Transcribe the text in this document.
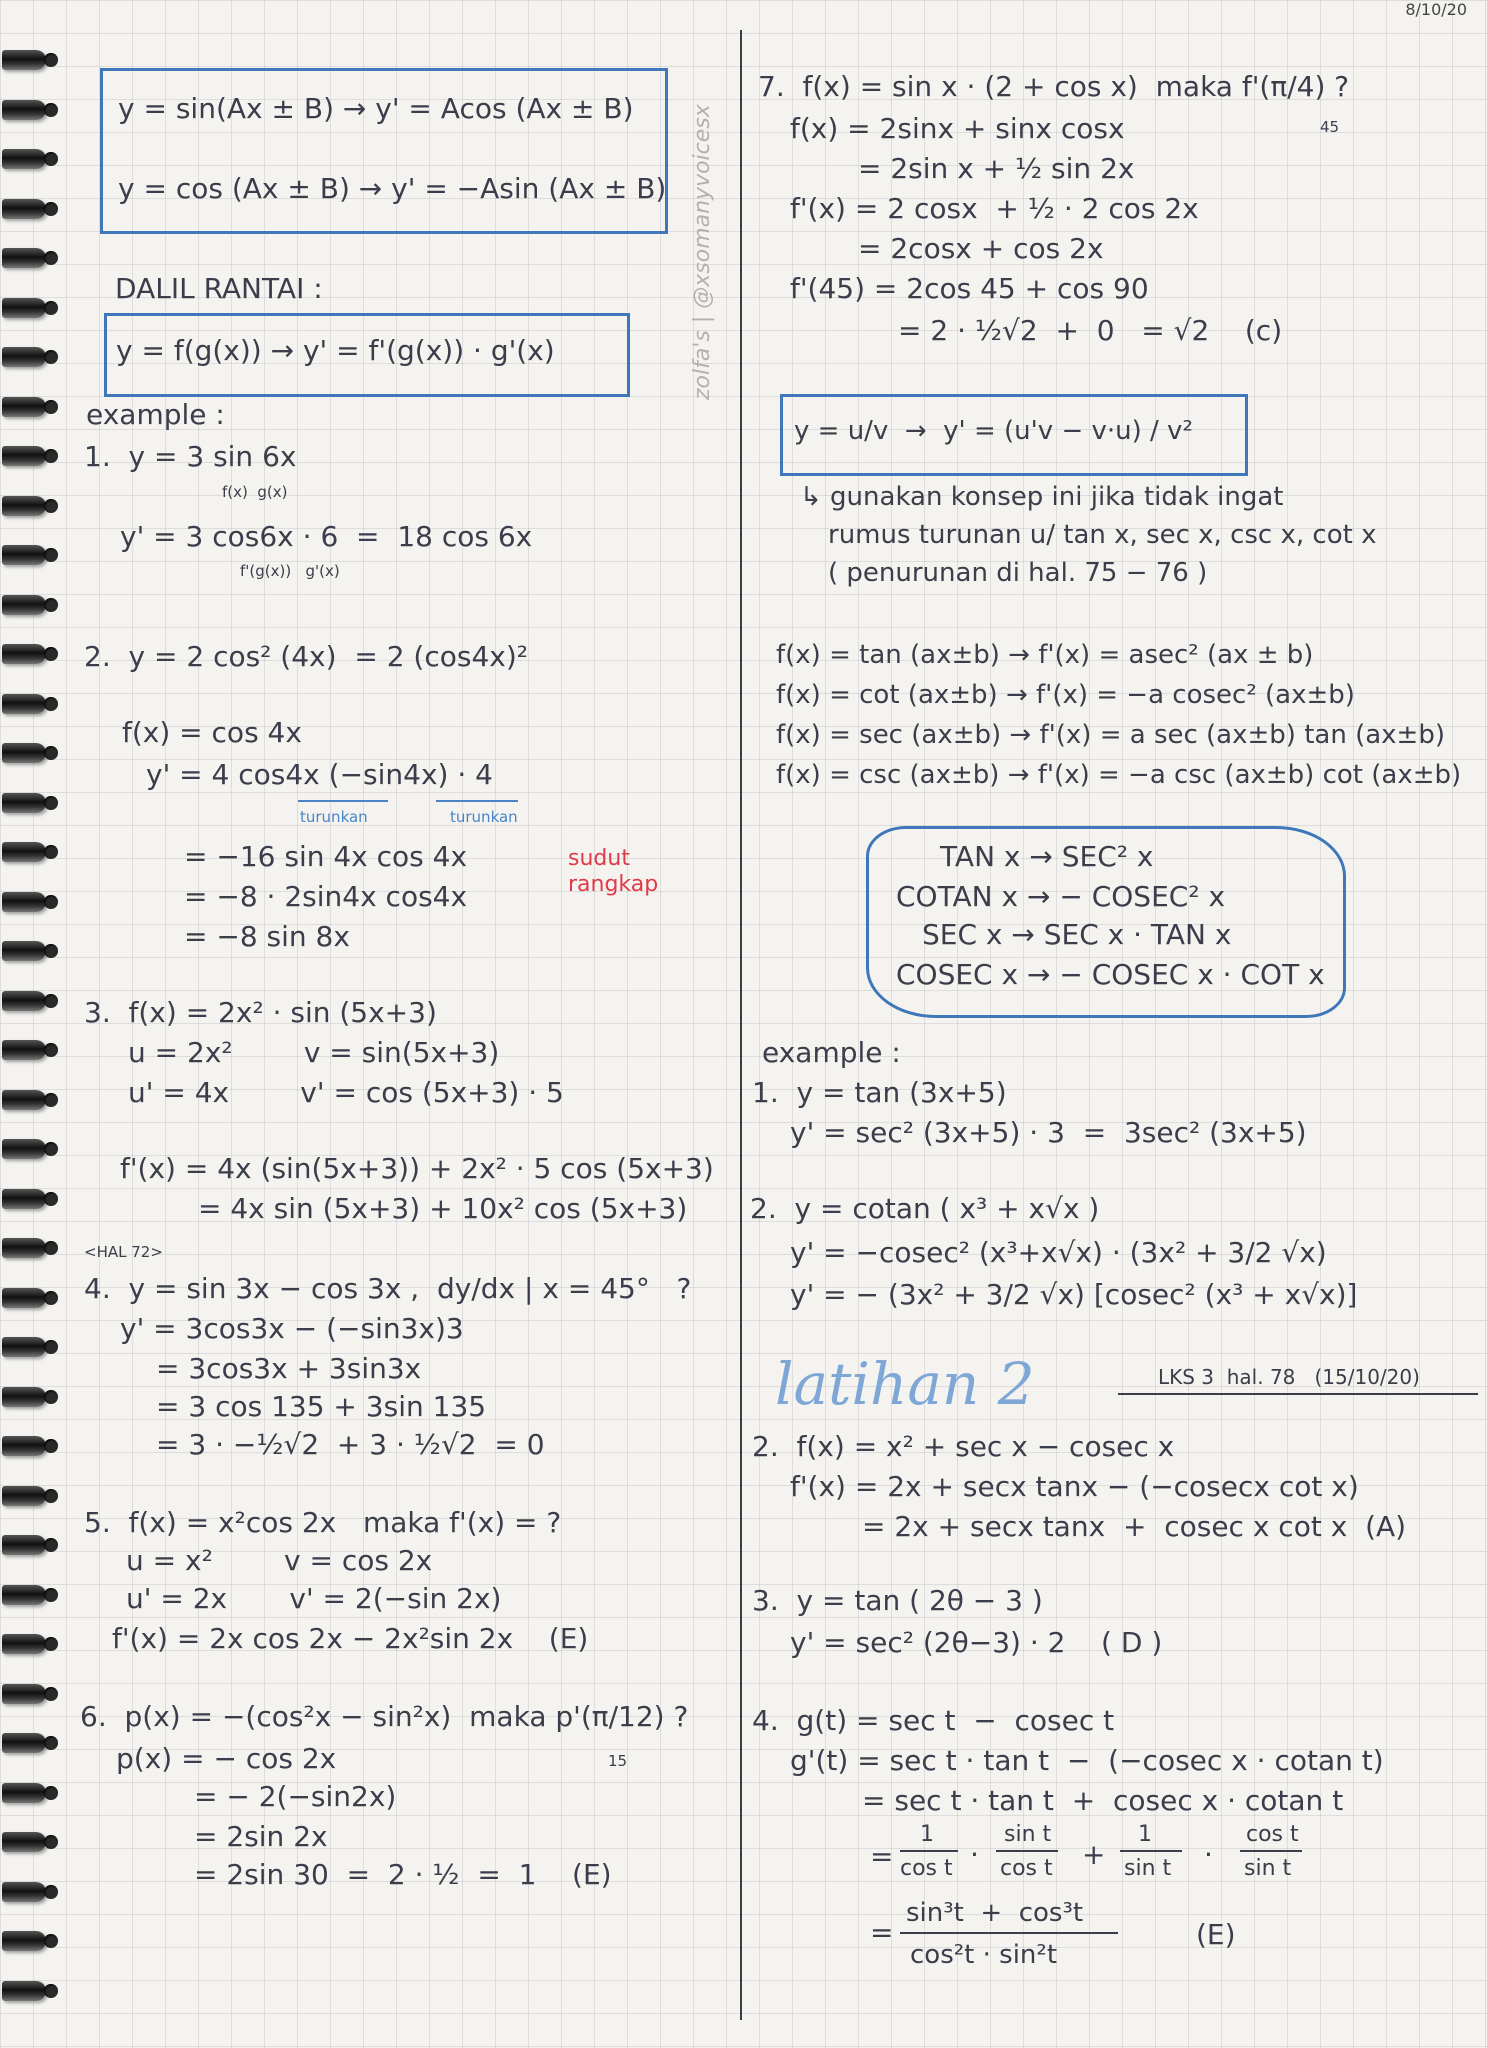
8/10/20
zolfa's | @xsomanyvoicesx
y = sin(Ax ± B) → y' = Acos (Ax ± B)
y = cos (Ax ± B) → y' = −Asin (Ax ± B)
DALIL RANTAI :
y = f(g(x)) → y' = f'(g(x)) · g'(x)
example :
1.  y = 3 sin 6x
f(x)  g(x)
y' = 3 cos6x · 6  =  18 cos 6x
f'(g(x))   g'(x)
2.  y = 2 cos² (4x)  = 2 (cos4x)²
f(x) = cos 4x
y' = 4 cos4x (−sin4x) · 4
turunkan	turunkan
= −16 sin 4x cos 4x
= −8 · 2sin4x cos4x
= −8 sin 8x
sudut
rangkap
3.  f(x) = 2x² · sin (5x+3)
u = 2x²        v = sin(5x+3)
u' = 4x        v' = cos (5x+3) · 5
f'(x) = 4x (sin(5x+3)) + 2x² · 5 cos (5x+3)
= 4x sin (5x+3) + 10x² cos (5x+3)
<HAL 72>
4.  y = sin 3x − cos 3x ,  dy/dx | x = 45°   ?
y' = 3cos3x − (−sin3x)3
= 3cos3x + 3sin3x
= 3 cos 135 + 3sin 135
= 3 · −½√2  + 3 · ½√2  = 0
5.  f(x) = x²cos 2x   maka f'(x) = ?
u = x²        v = cos 2x
u' = 2x       v' = 2(−sin 2x)
f'(x) = 2x cos 2x − 2x²sin 2x    (E)
6.  p(x) = −(cos²x − sin²x)  maka p'(π/12) ?
15
p(x) = − cos 2x
= − 2(−sin2x)
= 2sin 2x
= 2sin 30  =  2 · ½  =  1    (E)
7.  f(x) = sin x · (2 + cos x)  maka f'(π/4) ?
45
f(x) = 2sinx + sinx cosx
= 2sin x + ½ sin 2x
f'(x) = 2 cosx  + ½ · 2 cos 2x
= 2cosx + cos 2x
f'(45) = 2cos 45 + cos 90
= 2 · ½√2  +  0   = √2    (c)
y = u/v  →  y' = (u'v − v·u) / v²
↳ gunakan konsep ini jika tidak ingat
rumus turunan u/ tan x, sec x, csc x, cot x
( penurunan di hal. 75 − 76 )
f(x) = tan (ax±b) → f'(x) = asec² (ax ± b)
f(x) = cot (ax±b) → f'(x) = −a cosec² (ax±b)
f(x) = sec (ax±b) → f'(x) = a sec (ax±b) tan (ax±b)
f(x) = csc (ax±b) → f'(x) = −a csc (ax±b) cot (ax±b)
TAN x → SEC² x
COTAN x → − COSEC² x
SEC x → SEC x · TAN x
COSEC x → − COSEC x · COT x
example :
1.  y = tan (3x+5)
y' = sec² (3x+5) · 3  =  3sec² (3x+5)
2.  y = cotan ( x³ + x√x )
y' = −cosec² (x³+x√x) · (3x² + 3/2 √x)
y' = − (3x² + 3/2 √x) [cosec² (x³ + x√x)]
latihan 2	LKS 3  hal. 78   (15/10/20)
2.  f(x) = x² + sec x − cosec x
f'(x) = 2x + secx tanx − (−cosecx cot x)
= 2x + secx tanx  +  cosec x cot x  (A)
3.  y = tan ( 2θ − 3 )
y' = sec² (2θ−3) · 2    ( D )
4.  g(t) = sec t  −  cosec t
g'(t) = sec t · tan t  −  (−cosec x · cotan t)
= sec t · tan t  +  cosec x · cotan t
=
1
cos t ·
sin t
cos t +
1
sin t ·
cos t
sin t
=
sin³t  +  cos³t
cos²t · sin²t
(E)
